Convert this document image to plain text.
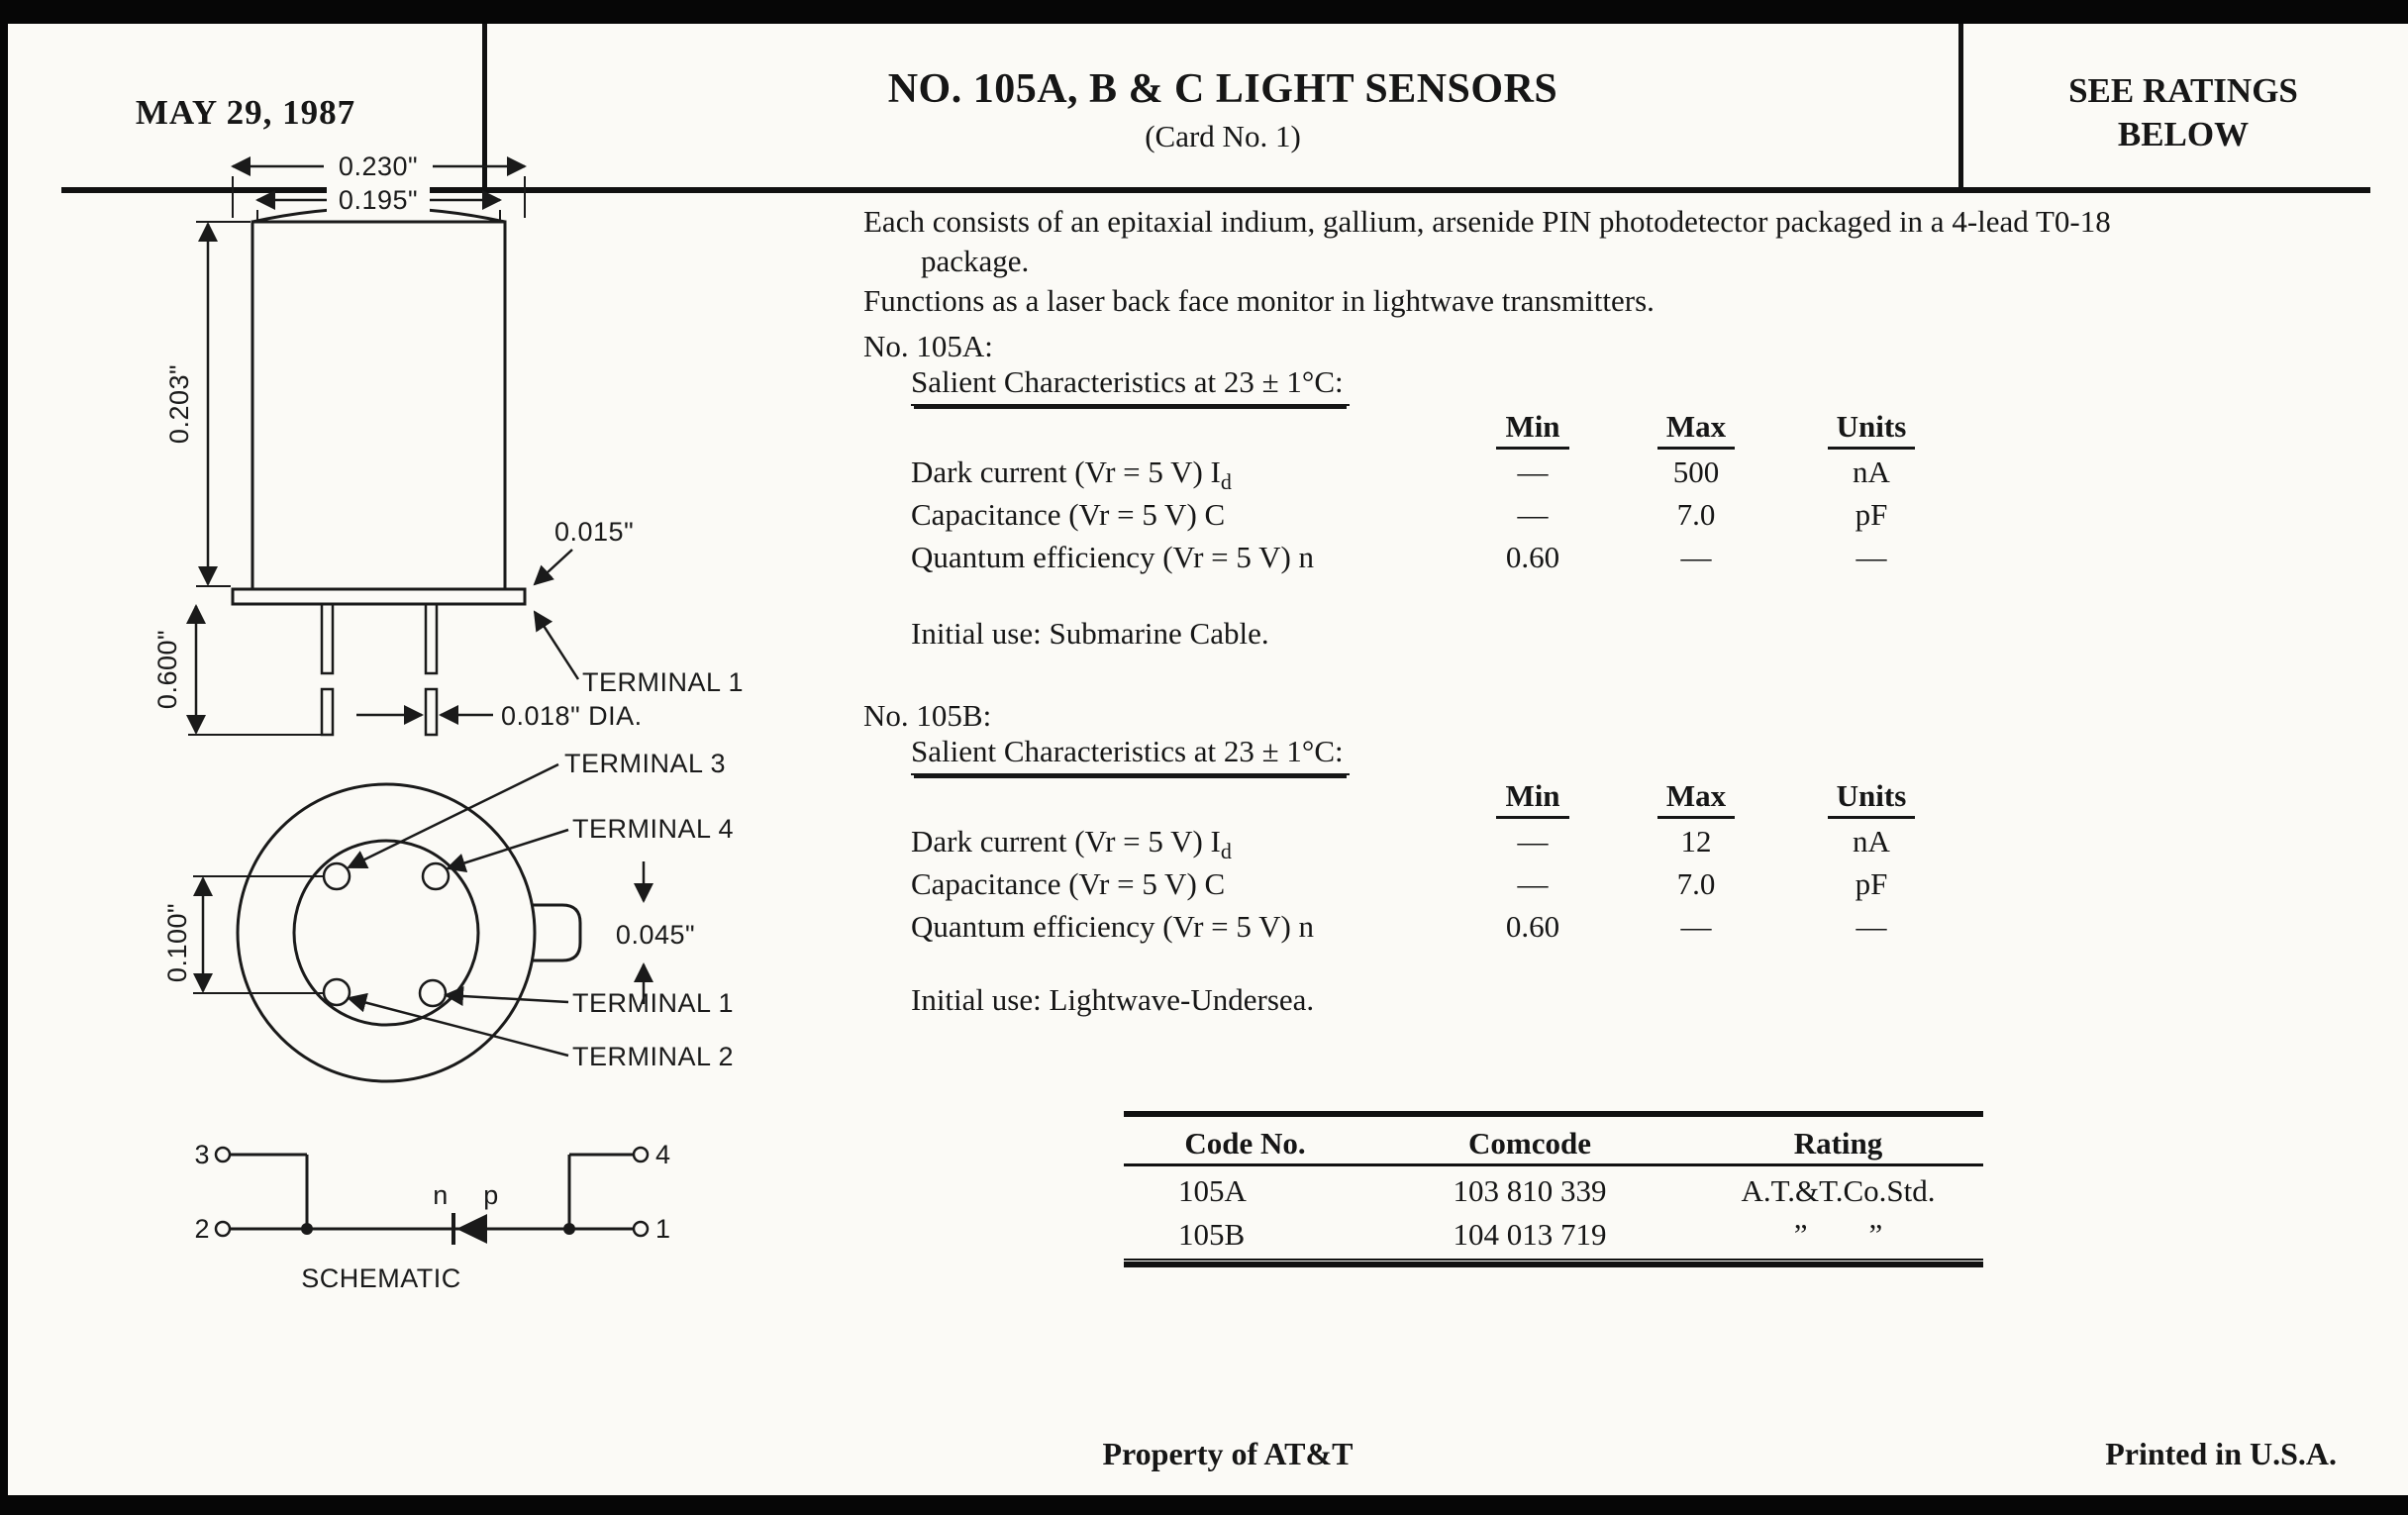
MAY 29, 1987
NO. 105A, B & C LIGHT SENSORS
(Card No. 1)
SEE RATINGS
BELOW
Each consists of an epitaxial indium, gallium, arsenide PIN photodetector packaged in a 4-lead T0-18
package.
Functions as a laser back face monitor in lightwave transmitters.
No. 105A:
Salient Characteristics at 23 ± 1°C:
Min	Max	Units
Dark current (Vr = 5 V) $I_d$	—	500	nA
Capacitance (Vr = 5 V) C	—	7.0	pF
Quantum efficiency (Vr = 5 V) n	0.60	—	—
Initial use: Submarine Cable.
No. 105B:
Salient Characteristics at 23 ± 1°C:
Min	Max	Units
Dark current (Vr = 5 V) $I_d$	—	12	nA
Capacitance (Vr = 5 V) C	—	7.0	pF
Quantum efficiency (Vr = 5 V) n	0.60	—	—
Initial use: Lightwave-Undersea.
Code No.	Comcode	Rating
105A	103 810 339	A.T.&T.Co.Std.
105B	104 013 719	”        ”
Property of AT&T	Printed in U.S.A.
0.230"
0.195"
0.203"
0.600"
0.015"
TERMINAL 1
0.018" DIA.
0.100"	0.045"
TERMINAL 3
TERMINAL 4
TERMINAL 1
TERMINAL 2
3
2
4
1
n p
SCHEMATIC
